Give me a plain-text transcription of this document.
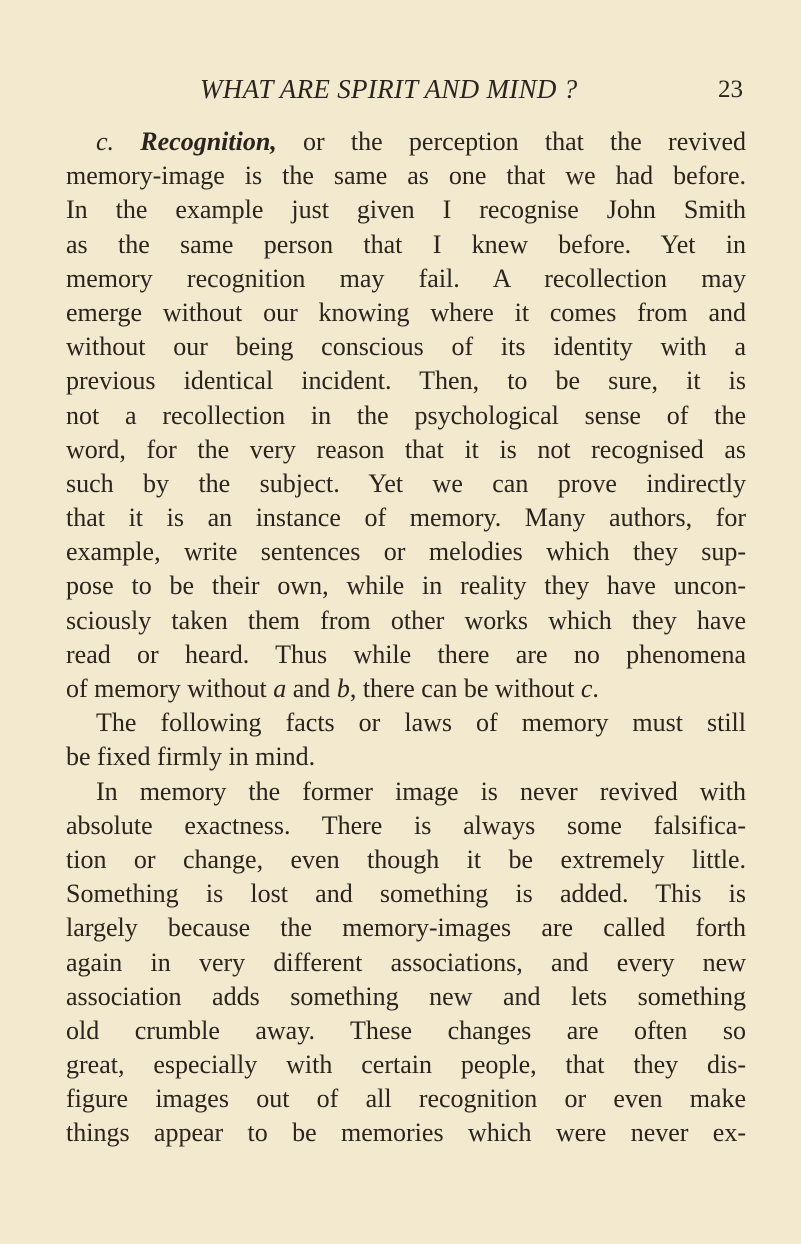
WHAT ARE SPIRIT AND MIND ?	23
c. Recognition, or the perception that the revived
memory-image is the same as one that we had before.
In the example just given I recognise John Smith
as the same person that I knew before. Yet in
memory recognition may fail. A recollection may
emerge without our knowing where it comes from and
without our being conscious of its identity with a
previous identical incident. Then, to be sure, it is
not a recollection in the psychological sense of the
word, for the very reason that it is not recognised as
such by the subject. Yet we can prove indirectly
that it is an instance of memory. Many authors, for
example, write sentences or melodies which they sup-
pose to be their own, while in reality they have uncon-
sciously taken them from other works which they have
read or heard. Thus while there are no phenomena
of memory without a and b, there can be without c.
The following facts or laws of memory must still
be fixed firmly in mind.
In memory the former image is never revived with
absolute exactness. There is always some falsifica-
tion or change, even though it be extremely little.
Something is lost and something is added. This is
largely because the memory-images are called forth
again in very different associations, and every new
association adds something new and lets something
old crumble away. These changes are often so
great, especially with certain people, that they dis-
figure images out of all recognition or even make
things appear to be memories which were never ex-
